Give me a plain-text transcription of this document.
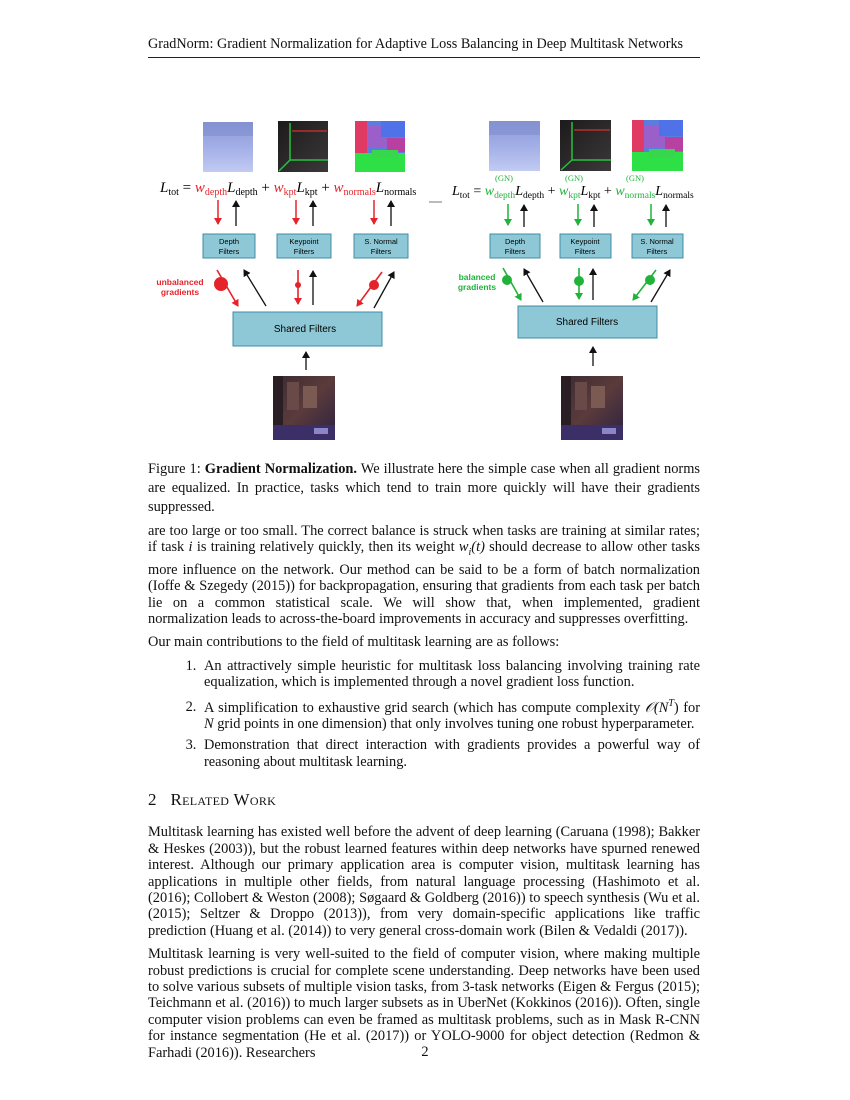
GradNorm: Gradient Normalization for Adaptive Loss Balancing in Deep Multitask Networks
$L_{tot} = w_{depth}L_{depth} + w_{kpt}L_{kpt} + w_{normals}L_{normals}$
Depth
Filters
Keypoint
Filters
S. Normal
Filters
unbalanced
gradients
Shared Filters
$L_{tot} = w_{depth}L_{depth} + w_{kpt}L_{kpt} + w_{normals}L_{normals}$
(GN)	(GN)	(GN)
Depth
Filters
Keypoint
Filters
S. Normal
Filters
balanced
gradients
Shared Filters
Figure 1: Gradient Normalization. We illustrate here the simple case when all gradient norms are equalized. In practice, tasks which tend to train more quickly will have their gradients suppressed.

are too large or too small. The correct balance is struck when tasks are training at similar rates; if task i is training relatively quickly, then its weight $w_i(t)$ should decrease to allow other tasks more influence on the network. Our method can be said to be a form of batch normalization (Ioffe & Szegedy (2015)) for backpropagation, ensuring that gradients from each task per batch lie on a common statistical scale. We will show that, when implemented, gradient normalization leads to across-the-board improvements in accuracy and suppresses overfitting.

Our main contributions to the field of multitask learning are as follows:

1. An attractively simple heuristic for multitask loss balancing involving training rate equalization, which is implemented through a novel gradient loss function.
2. A simplification to exhaustive grid search (which has compute complexity $𝒪(N^T)$ for N grid points in one dimension) that only involves tuning one robust hyperparameter.
3. Demonstration that direct interaction with gradients provides a powerful way of reasoning about multitask learning.
2 Related Work

Multitask learning has existed well before the advent of deep learning (Caruana (1998); Bakker & Heskes (2003)), but the robust learned features within deep networks have spurned renewed interest. Although our primary application area is computer vision, multitask learning has applications in multiple other fields, from natural language processing (Hashimoto et al. (2016); Collobert & Weston (2008); Søgaard & Goldberg (2016)) to speech synthesis (Wu et al. (2015); Seltzer & Droppo (2013)), from very domain-specific applications like traffic prediction (Huang et al. (2014)) to very general cross-domain work (Bilen & Vedaldi (2017)).

Multitask learning is very well-suited to the field of computer vision, where making multiple robust predictions is crucial for complete scene understanding. Deep networks have been used to solve various subsets of multiple vision tasks, from 3-task networks (Eigen & Fergus (2015); Teichmann et al. (2016)) to much larger subsets as in UberNet (Kokkinos (2016)). Often, single computer vision problems can even be framed as multitask problems, such as in Mask R-CNN for instance segmentation (He et al. (2017)) or YOLO-9000 for object detection (Redmon & Farhadi (2016)). Researchers	2
